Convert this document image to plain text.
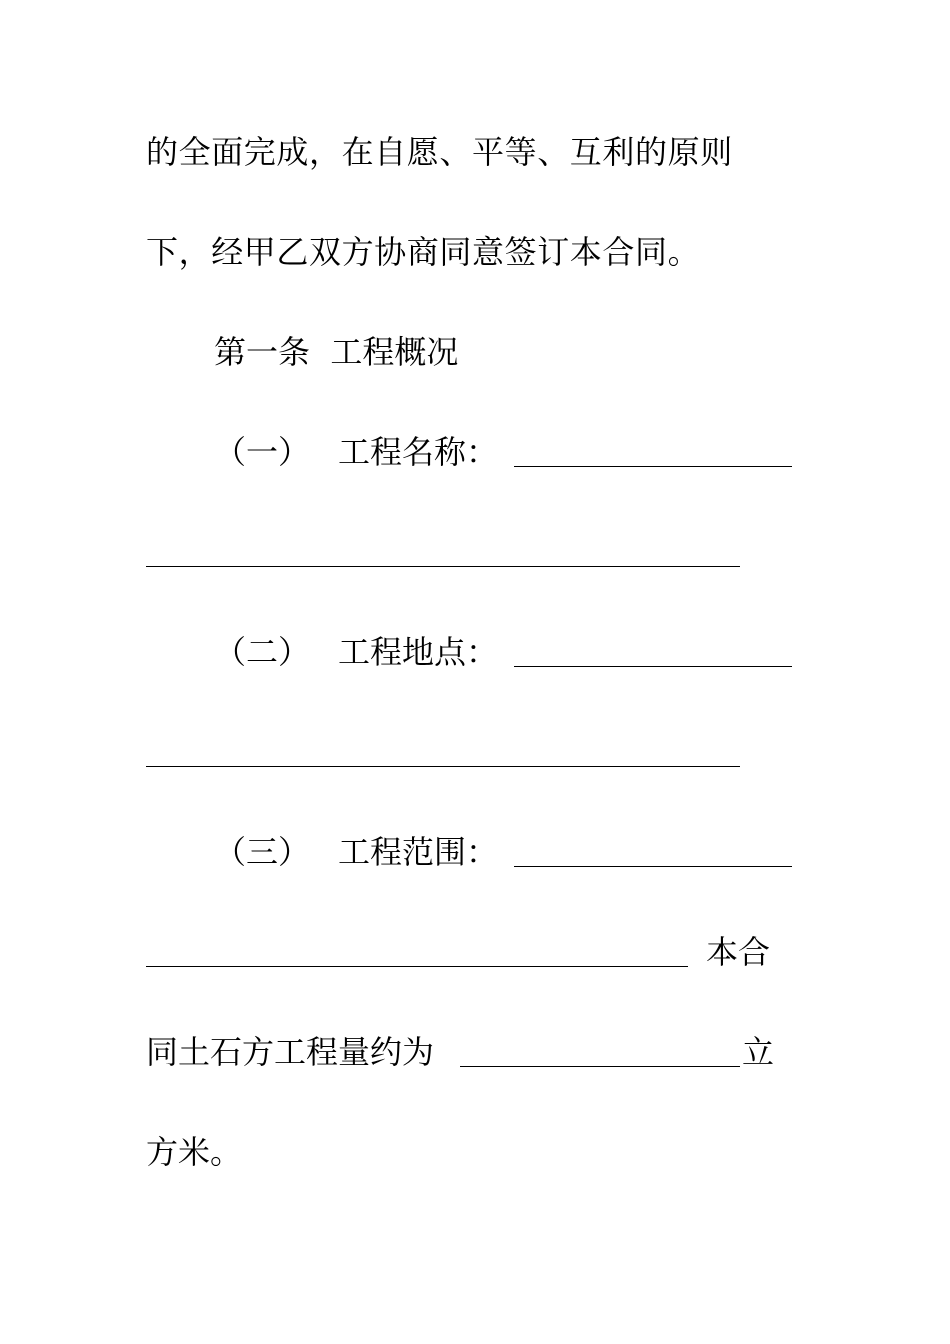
的全面完成，在自愿、平等、互利的原则
下，经甲乙双方协商同意签订本合同。
第一条  工程概况
（一） 工程名称：
（二） 工程地点：
（三） 工程范围：
本合
同土石方工程量约为	立
方米。
